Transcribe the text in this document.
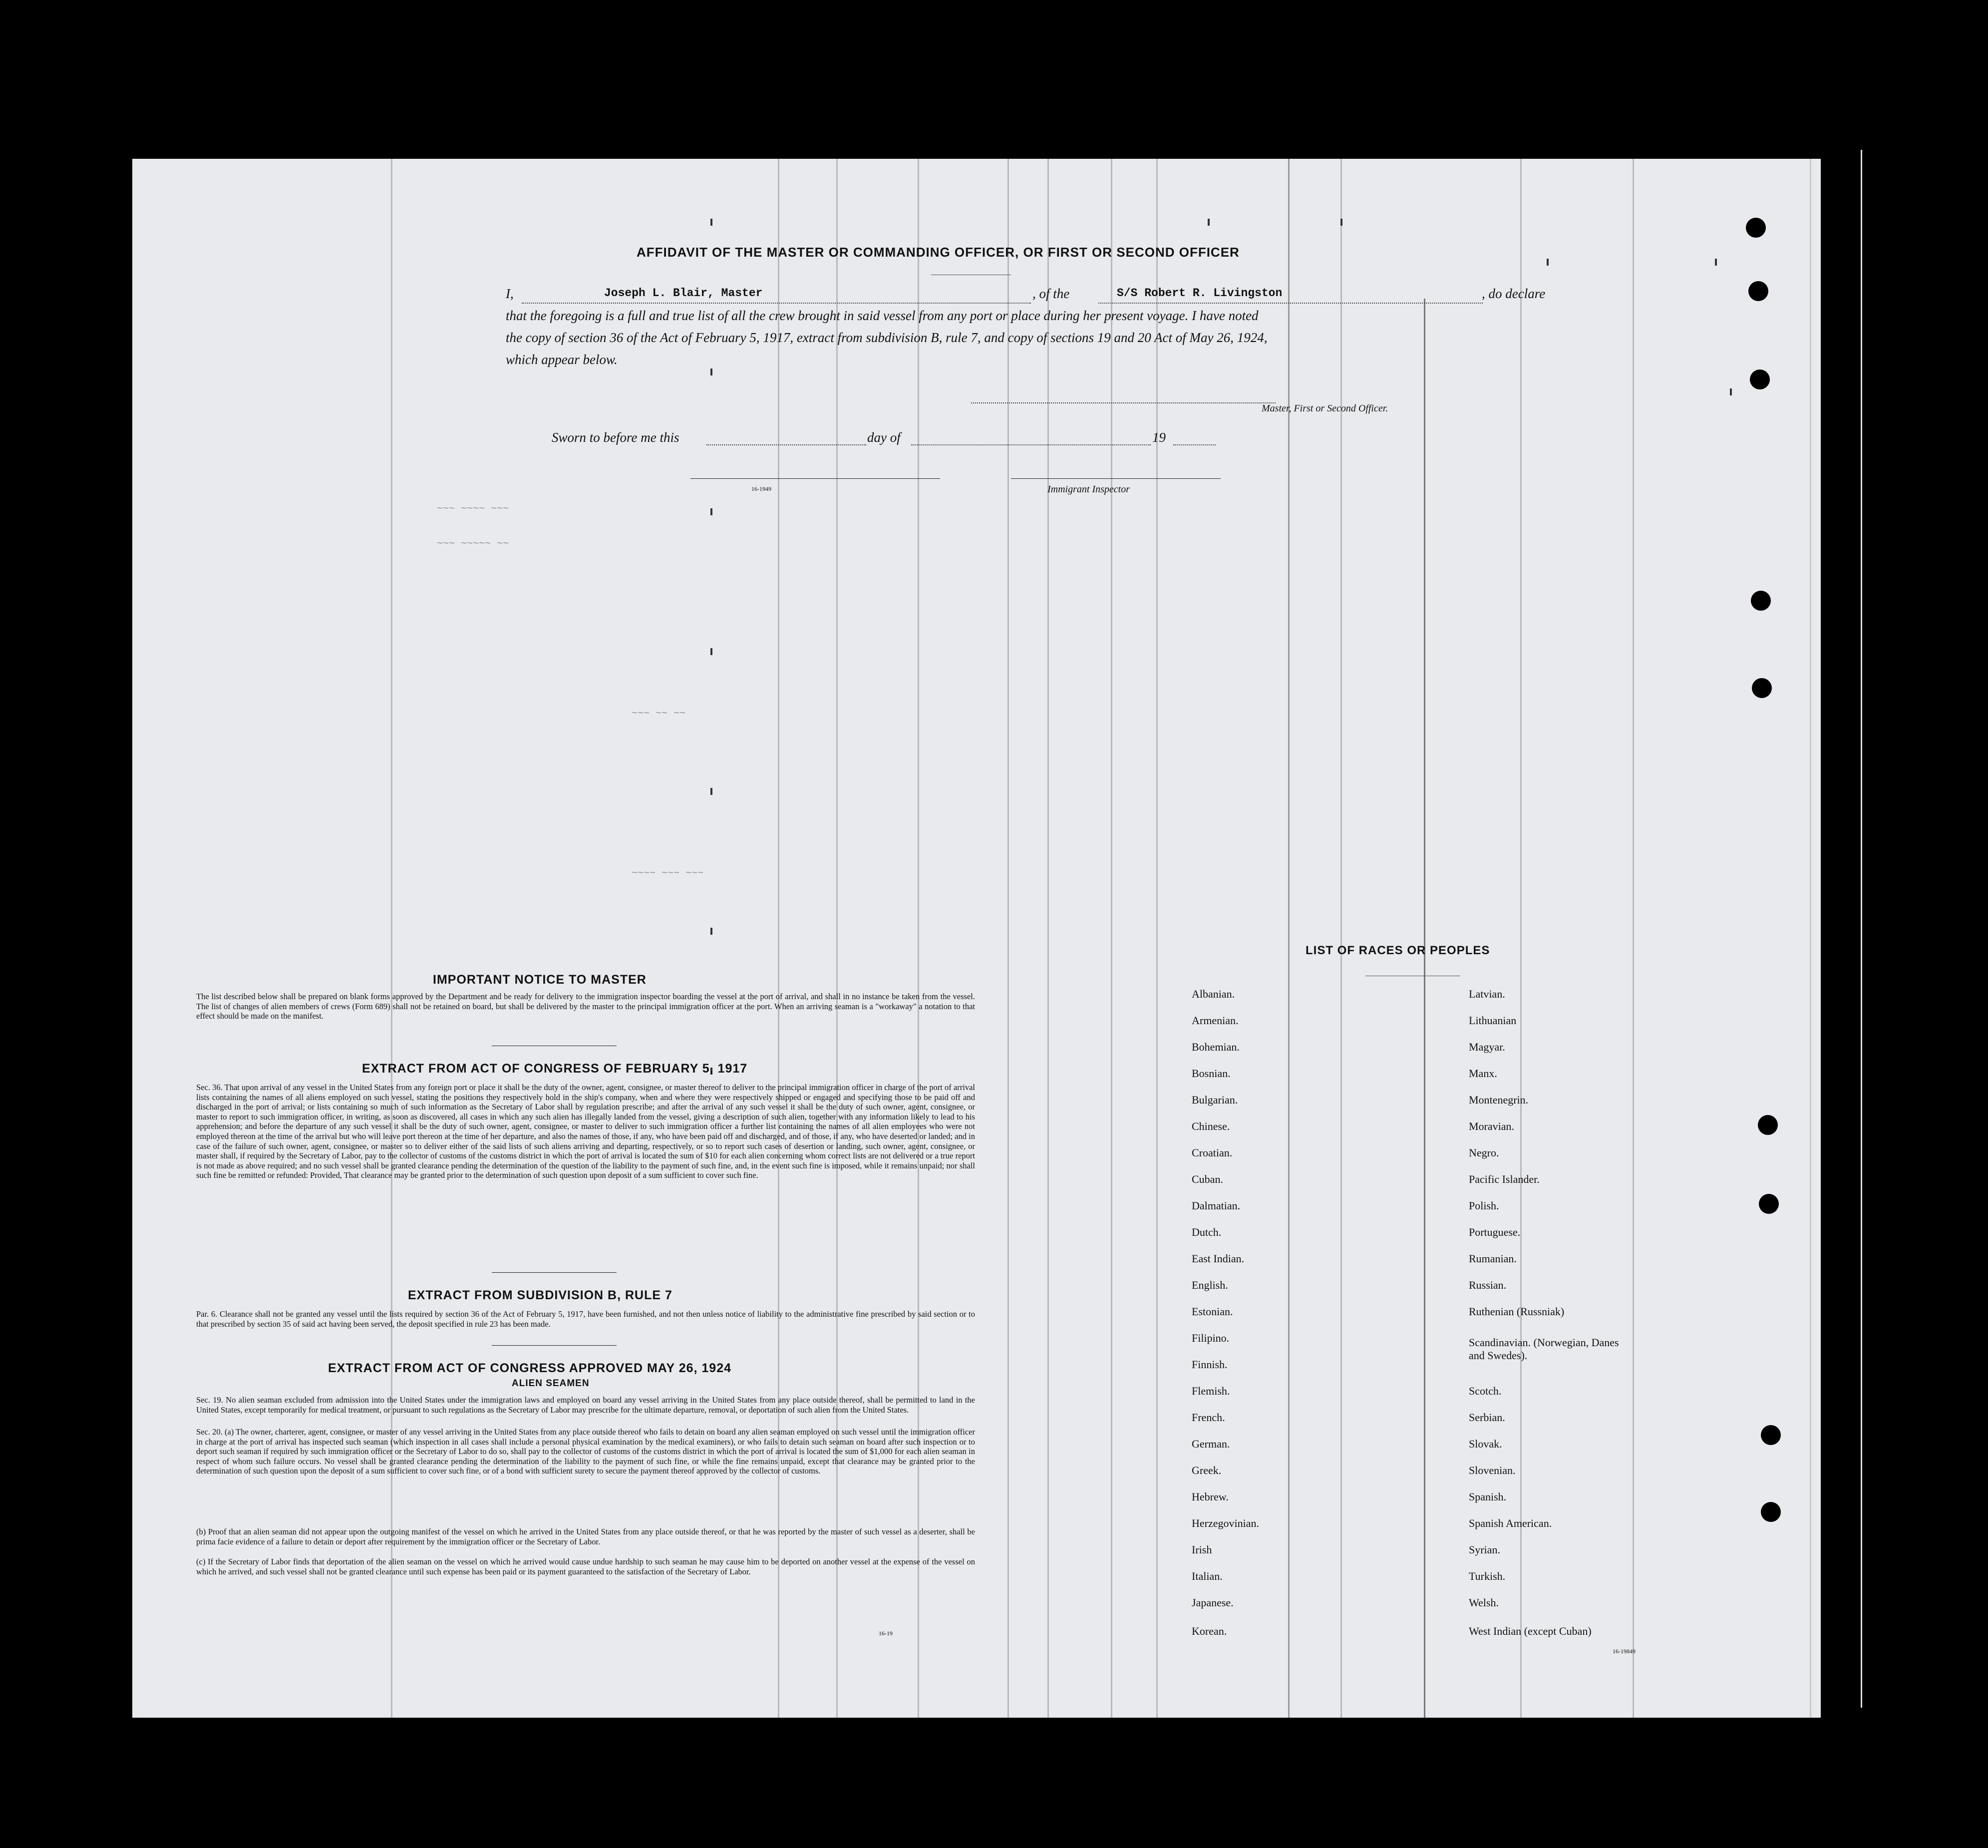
~~~ ~~~~ ~~~
~~~ ~~~~~ ~~
~~~ ~~ ~~
~~~~ ~~~ ~~~
AFFIDAVIT OF THE MASTER OR COMMANDING OFFICER, OR FIRST OR SECOND OFFICER
I,	Joseph L. Blair, Master	, of the	S/S Robert R. Livingston	, do declare
that the foregoing is a full and true list of all the crew brought in said vessel from any port or place during her present voyage. I have noted
the copy of section 36 of the Act of February 5, 1917, extract from subdivision B, rule 7, and copy of sections 19 and 20 Act of May 26, 1924,
which appear below.
Master, First or Second Officer.
Sworn to before me this	day of	19
16-1949	Immigrant Inspector
IMPORTANT NOTICE TO MASTER
The list described below shall be prepared on blank forms approved by the Department and be ready for delivery to the immigration inspector boarding the vessel at the port of arrival, and shall in no instance be taken from the vessel. The list of changes of alien members of crews (Form 689) shall not be retained on board, but shall be delivered by the master to the principal immigration officer at the port. When an arriving seaman is a "workaway" a notation to that effect should be made on the manifest.
EXTRACT FROM ACT OF CONGRESS OF FEBRUARY 5, 1917
Sec. 36. That upon arrival of any vessel in the United States from any foreign port or place it shall be the duty of the owner, agent, consignee, or master thereof to deliver to the principal immigration officer in charge of the port of arrival lists containing the names of all aliens employed on such vessel, stating the positions they respectively hold in the ship's company, when and where they were respectively shipped or engaged and specifying those to be paid off and discharged in the port of arrival; or lists containing so much of such information as the Secretary of Labor shall by regulation prescribe; and after the arrival of any such vessel it shall be the duty of such owner, agent, consignee, or master to report to such immigration officer, in writing, as soon as discovered, all cases in which any such alien has illegally landed from the vessel, giving a description of such alien, together with any information likely to lead to his apprehension; and before the departure of any such vessel it shall be the duty of such owner, agent, consignee, or master to deliver to such immigration officer a further list containing the names of all alien employees who were not employed thereon at the time of the arrival but who will leave port thereon at the time of her departure, and also the names of those, if any, who have been paid off and discharged, and of those, if any, who have deserted or landed; and in case of the failure of such owner, agent, consignee, or master so to deliver either of the said lists of such aliens arriving and departing, respectively, or so to report such cases of desertion or landing, such owner, agent, consignee, or master shall, if required by the Secretary of Labor, pay to the collector of customs of the customs district in which the port of arrival is located the sum of $10 for each alien concerning whom correct lists are not delivered or a true report is not made as above required; and no such vessel shall be granted clearance pending the determination of the question of the liability to the payment of such fine, and, in the event such fine is imposed, while it remains unpaid; nor shall such fine be remitted or refunded: Provided, That clearance may be granted prior to the determination of such question upon deposit of a sum sufficient to cover such fine.
EXTRACT FROM SUBDIVISION B, RULE 7
Par. 6. Clearance shall not be granted any vessel until the lists required by section 36 of the Act of February 5, 1917, have been furnished, and not then unless notice of liability to the administrative fine prescribed by said section or to that prescribed by section 35 of said act having been served, the deposit specified in rule 23 has been made.
EXTRACT FROM ACT OF CONGRESS APPROVED MAY 26, 1924
ALIEN SEAMEN
Sec. 19. No alien seaman excluded from admission into the United States under the immigration laws and employed on board any vessel arriving in the United States from any place outside thereof, shall be permitted to land in the United States, except temporarily for medical treatment, or pursuant to such regulations as the Secretary of Labor may prescribe for the ultimate departure, removal, or deportation of such alien from the United States.
Sec. 20. (a) The owner, charterer, agent, consignee, or master of any vessel arriving in the United States from any place outside thereof who fails to detain on board any alien seaman employed on such vessel until the immigration officer in charge at the port of arrival has inspected such seaman (which inspection in all cases shall include a personal physical examination by the medical examiners), or who fails to detain such seaman on board after such inspection or to deport such seaman if required by such immigration officer or the Secretary of Labor to do so, shall pay to the collector of customs of the customs district in which the port of arrival is located the sum of $1,000 for each alien seaman in respect of whom such failure occurs. No vessel shall be granted clearance pending the determination of the liability to the payment of such fine, or while the fine remains unpaid, except that clearance may be granted prior to the determination of such question upon the deposit of a sum sufficient to cover such fine, or of a bond with sufficient surety to secure the payment thereof approved by the collector of customs.
(b) Proof that an alien seaman did not appear upon the outgoing manifest of the vessel on which he arrived in the United States from any place outside thereof, or that he was reported by the master of such vessel as a deserter, shall be prima facie evidence of a failure to detain or deport after requirement by the immigration officer or the Secretary of Labor.
(c) If the Secretary of Labor finds that deportation of the alien seaman on the vessel on which he arrived would cause undue hardship to such seaman he may cause him to be deported on another vessel at the expense of the vessel on which he arrived, and such vessel shall not be granted clearance until such expense has been paid or its payment guaranteed to the satisfaction of the Secretary of Labor.
16-19
LIST OF RACES OR PEOPLES
Albanian.
Armenian.
Bohemian.
Bosnian.
Bulgarian.
Chinese.
Croatian.
Cuban.
Dalmatian.
Dutch.
East Indian.
English.
Estonian.
Filipino.
Finnish.
Flemish.
French.
German.
Greek.
Hebrew.
Herzegovinian.
Irish
Italian.
Japanese.
Korean.
Latvian.
Lithuanian
Magyar.
Manx.
Montenegrin.
Moravian.
Negro.
Pacific Islander.
Polish.
Portuguese.
Rumanian.
Russian.
Ruthenian (Russniak)
Scandinavian. (Norwegian, Danes and Swedes).
Scotch.
Serbian.
Slovak.
Slovenian.
Spanish.
Spanish American.
Syrian.
Turkish.
Welsh.
West Indian (except Cuban)
16-19849
